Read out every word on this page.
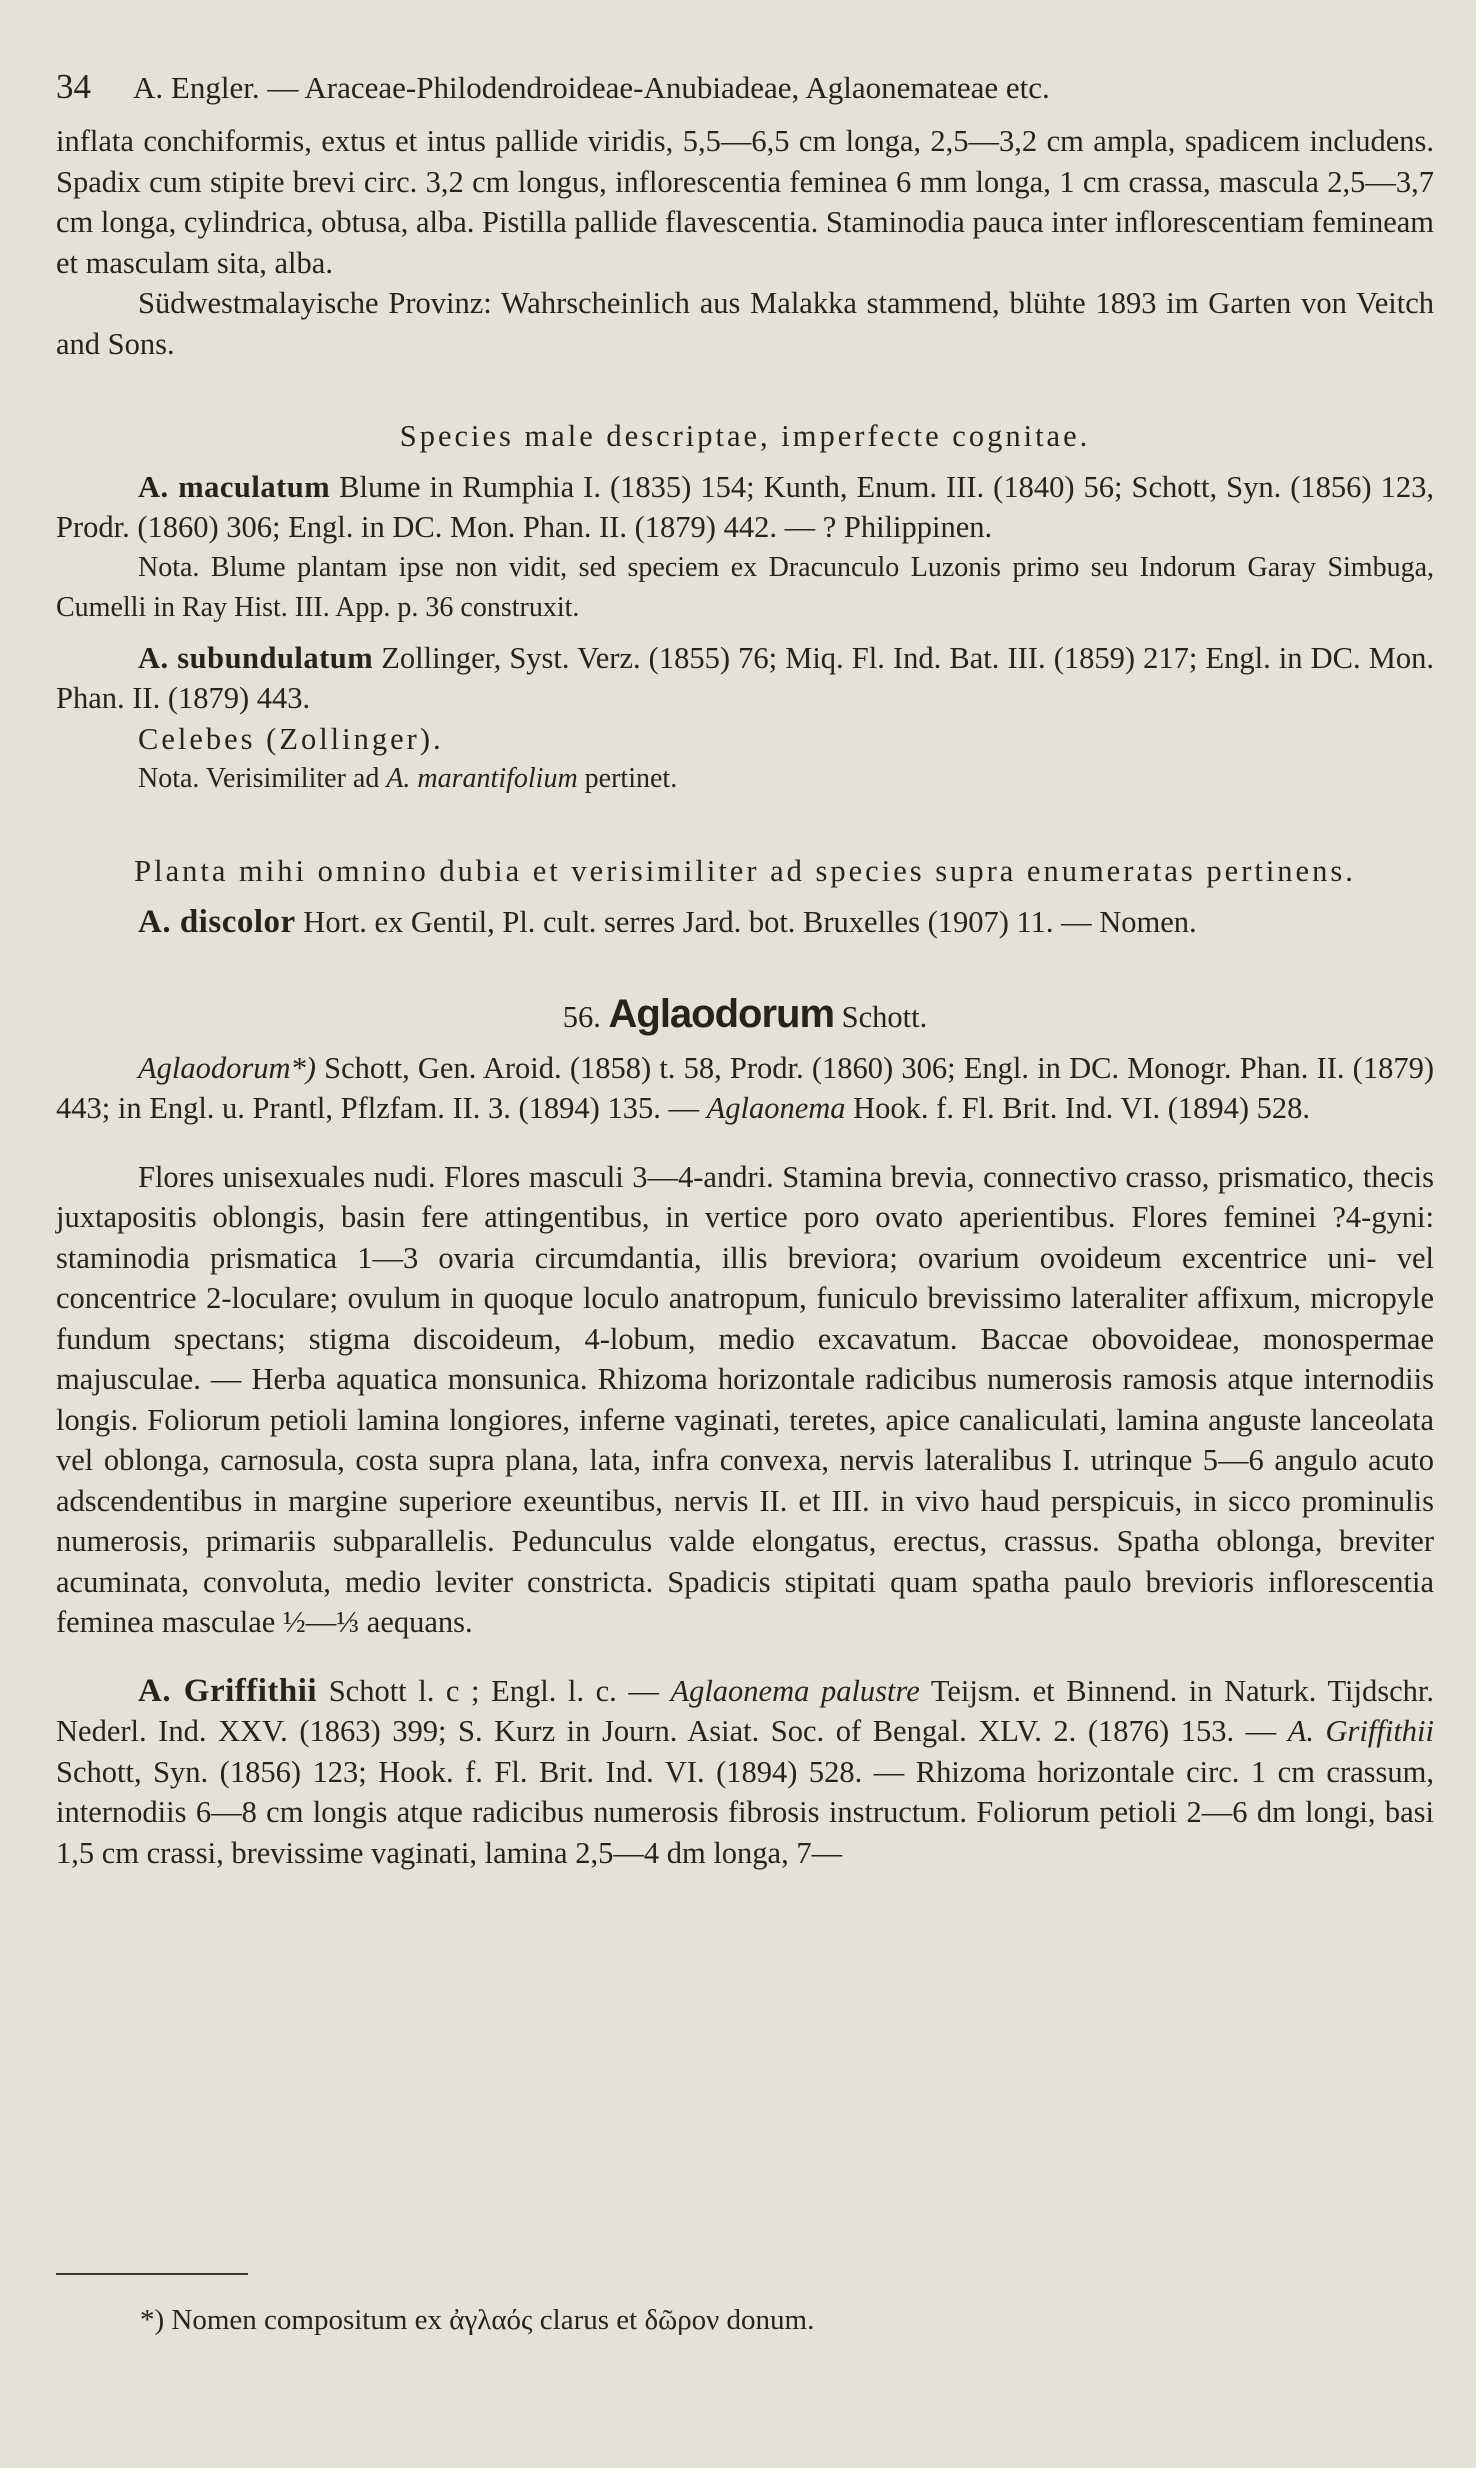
34 A. Engler. — Araceae-Philodendroideae-Anubiadeae, Aglaonemateae etc.

inflata conchiformis, extus et intus pallide viridis, 5,5—6,5 cm longa, 2,5—3,2 cm ampla, spadicem includens. Spadix cum stipite brevi circ. 3,2 cm longus, inflorescentia feminea 6 mm longa, 1 cm crassa, mascula 2,5—3,7 cm longa, cylindrica, obtusa, alba. Pistilla pallide flavescentia. Staminodia pauca inter inflorescentiam femineam et masculam sita, alba.

Südwestmalayische Provinz: Wahrscheinlich aus Malakka stammend, blühte 1893 im Garten von Veitch and Sons.

Species male descriptae, imperfecte cognitae.

A. maculatum Blume in Rumphia I. (1835) 154; Kunth, Enum. III. (1840) 56; Schott, Syn. (1856) 123, Prodr. (1860) 306; Engl. in DC. Mon. Phan. II. (1879) 442. — ? Philippinen.

Nota. Blume plantam ipse non vidit, sed speciem ex Dracunculo Luzonis primo seu Indorum Garay Simbuga, Cumelli in Ray Hist. III. App. p. 36 construxit.

A. subundulatum Zollinger, Syst. Verz. (1855) 76; Miq. Fl. Ind. Bat. III. (1859) 217; Engl. in DC. Mon. Phan. II. (1879) 443.

Celebes (Zollinger).

Nota. Verisimiliter ad A. marantifolium pertinet.

Planta mihi omnino dubia et verisimiliter ad species supra enumeratas pertinens.

A. discolor Hort. ex Gentil, Pl. cult. serres Jard. bot. Bruxelles (1907) 11. — Nomen.

56. Aglaodorum Schott.

Aglaodorum*) Schott, Gen. Aroid. (1858) t. 58, Prodr. (1860) 306; Engl. in DC. Monogr. Phan. II. (1879) 443; in Engl. u. Prantl, Pflzfam. II. 3. (1894) 135. — Aglaonema Hook. f. Fl. Brit. Ind. VI. (1894) 528.

Flores unisexuales nudi. Flores masculi 3—4-andri. Stamina brevia, connectivo crasso, prismatico, thecis juxtapositis oblongis, basin fere attingentibus, in vertice poro ovato aperientibus. Flores feminei ?4-gyni: staminodia prismatica 1—3 ovaria circumdantia, illis breviora; ovarium ovoideum excentrice uni- vel concentrice 2-loculare; ovulum in quoque loculo anatropum, funiculo brevissimo lateraliter affixum, micropyle fundum spectans; stigma discoideum, 4-lobum, medio excavatum. Baccae obovoideae, monospermae majusculae. — Herba aquatica monsunica. Rhizoma horizontale radicibus numerosis ramosis atque internodiis longis. Foliorum petioli lamina longiores, inferne vaginati, teretes, apice canaliculati, lamina anguste lanceolata vel oblonga, carnosula, costa supra plana, lata, infra convexa, nervis lateralibus I. utrinque 5—6 angulo acuto adscendentibus in margine superiore exeuntibus, nervis II. et III. in vivo haud perspicuis, in sicco prominulis numerosis, primariis subparallelis. Pedunculus valde elongatus, erectus, crassus. Spatha oblonga, breviter acuminata, convoluta, medio leviter constricta. Spadicis stipitati quam spatha paulo brevioris inflorescentia feminea masculae ½—⅓ aequans.

A. Griffithii Schott l. c ; Engl. l. c. — Aglaonema palustre Teijsm. et Binnend. in Naturk. Tijdschr. Nederl. Ind. XXV. (1863) 399; S. Kurz in Journ. Asiat. Soc. of Bengal. XLV. 2. (1876) 153. — A. Griffithii Schott, Syn. (1856) 123; Hook. f. Fl. Brit. Ind. VI. (1894) 528. — Rhizoma horizontale circ. 1 cm crassum, internodiis 6—8 cm longis atque radicibus numerosis fibrosis instructum. Foliorum petioli 2—6 dm longi, basi 1,5 cm crassi, brevissime vaginati, lamina 2,5—4 dm longa, 7—

*) Nomen compositum ex ἀγλαός clarus et δῶρον donum.
